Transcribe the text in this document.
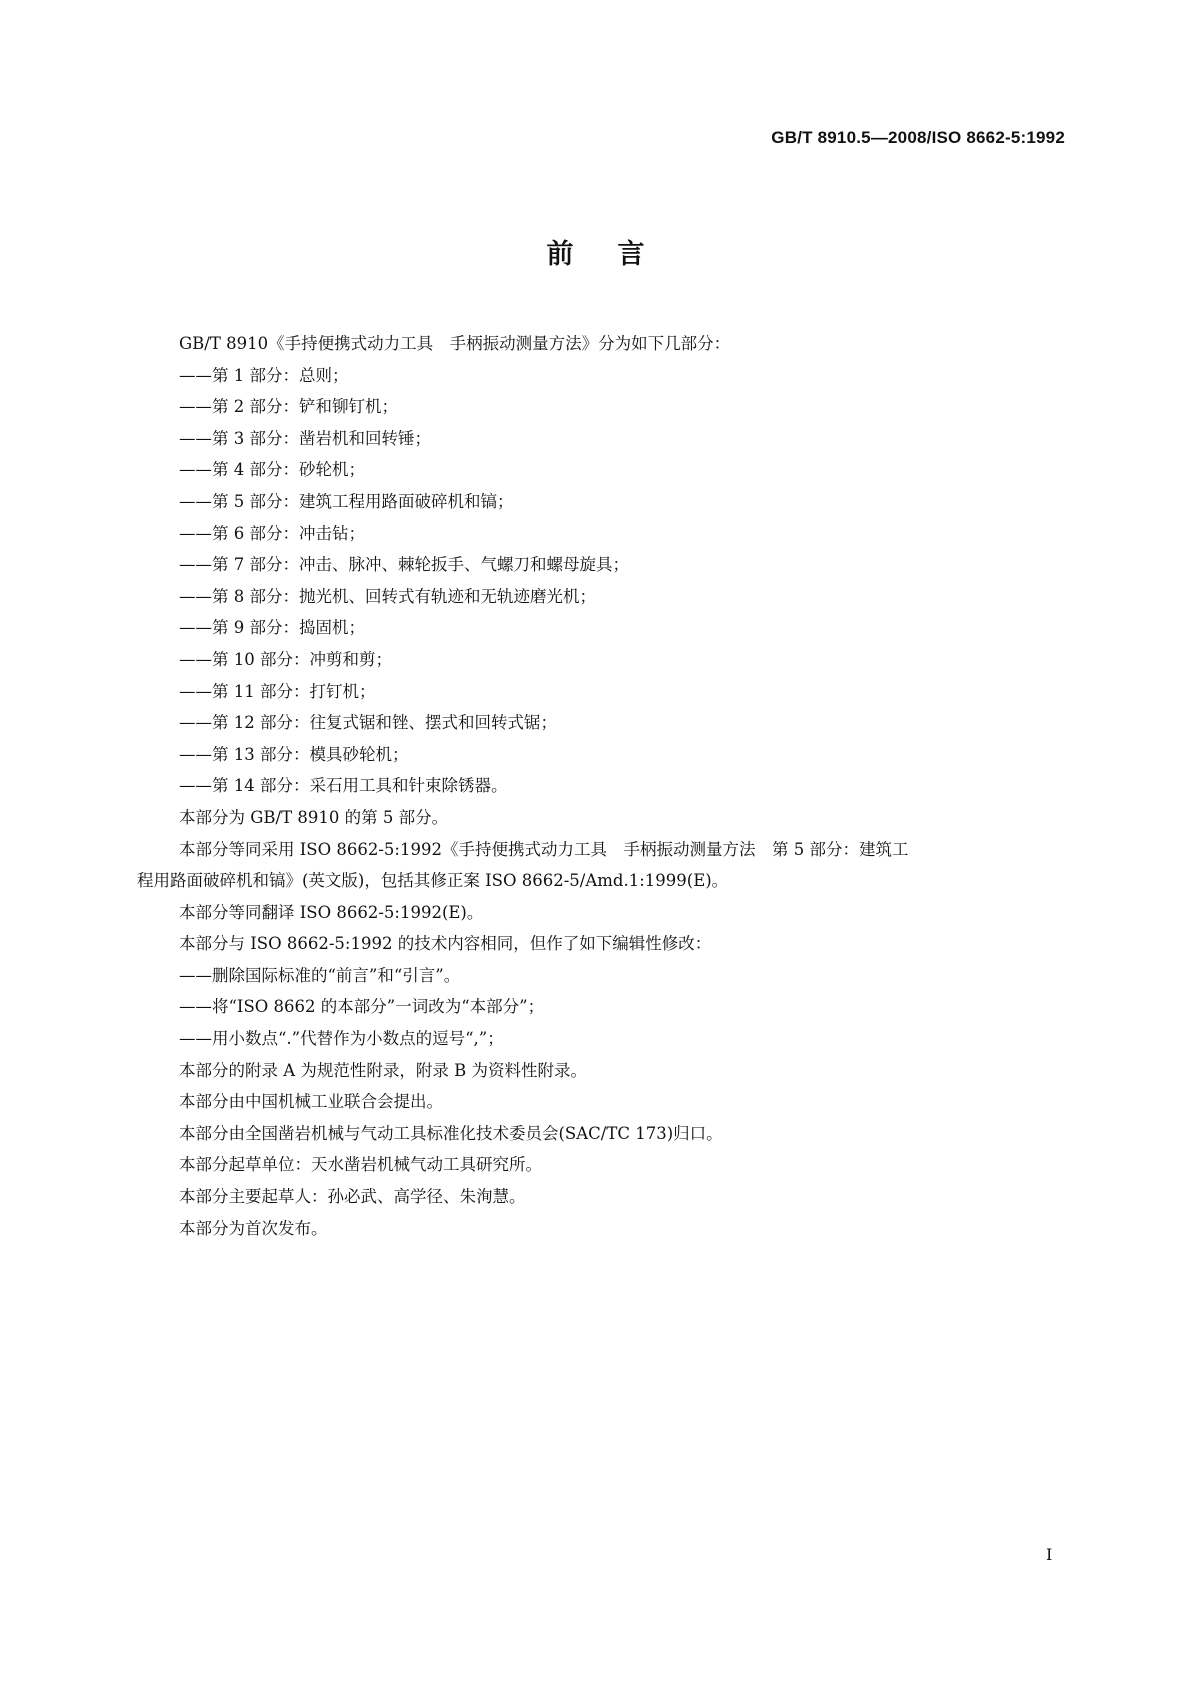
GB/T 8910.5—2008/ISO 8662-5:1992
前 言
GB/T 8910《手持便携式动力工具　手柄振动测量方法》分为如下几部分：
——第 1 部分：总则；
——第 2 部分：铲和铆钉机；
——第 3 部分：凿岩机和回转锤；
——第 4 部分：砂轮机；
——第 5 部分：建筑工程用路面破碎机和镐；
——第 6 部分：冲击钻；
——第 7 部分：冲击、脉冲、棘轮扳手、气螺刀和螺母旋具；
——第 8 部分：抛光机、回转式有轨迹和无轨迹磨光机；
——第 9 部分：捣固机；
——第 10 部分：冲剪和剪；
——第 11 部分：打钉机；
——第 12 部分：往复式锯和锉、摆式和回转式锯；
——第 13 部分：模具砂轮机；
——第 14 部分：采石用工具和针束除锈器。
本部分为 GB/T 8910 的第 5 部分。
本部分等同采用 ISO 8662-5:1992《手持便携式动力工具　手柄振动测量方法　第 5 部分：建筑工
程用路面破碎机和镐》(英文版)，包括其修正案 ISO 8662-5/Amd.1:1999(E)。
本部分等同翻译 ISO 8662-5:1992(E)。
本部分与 ISO 8662-5:1992 的技术内容相同，但作了如下编辑性修改：
——删除国际标准的“前言”和“引言”。
——将“ISO 8662 的本部分”一词改为“本部分”；
——用小数点“.”代替作为小数点的逗号“,”；
本部分的附录 A 为规范性附录，附录 B 为资料性附录。
本部分由中国机械工业联合会提出。
本部分由全国凿岩机械与气动工具标准化技术委员会(SAC/TC 173)归口。
本部分起草单位：天水凿岩机械气动工具研究所。
本部分主要起草人：孙必武、高学径、朱洵慧。
本部分为首次发布。
I
